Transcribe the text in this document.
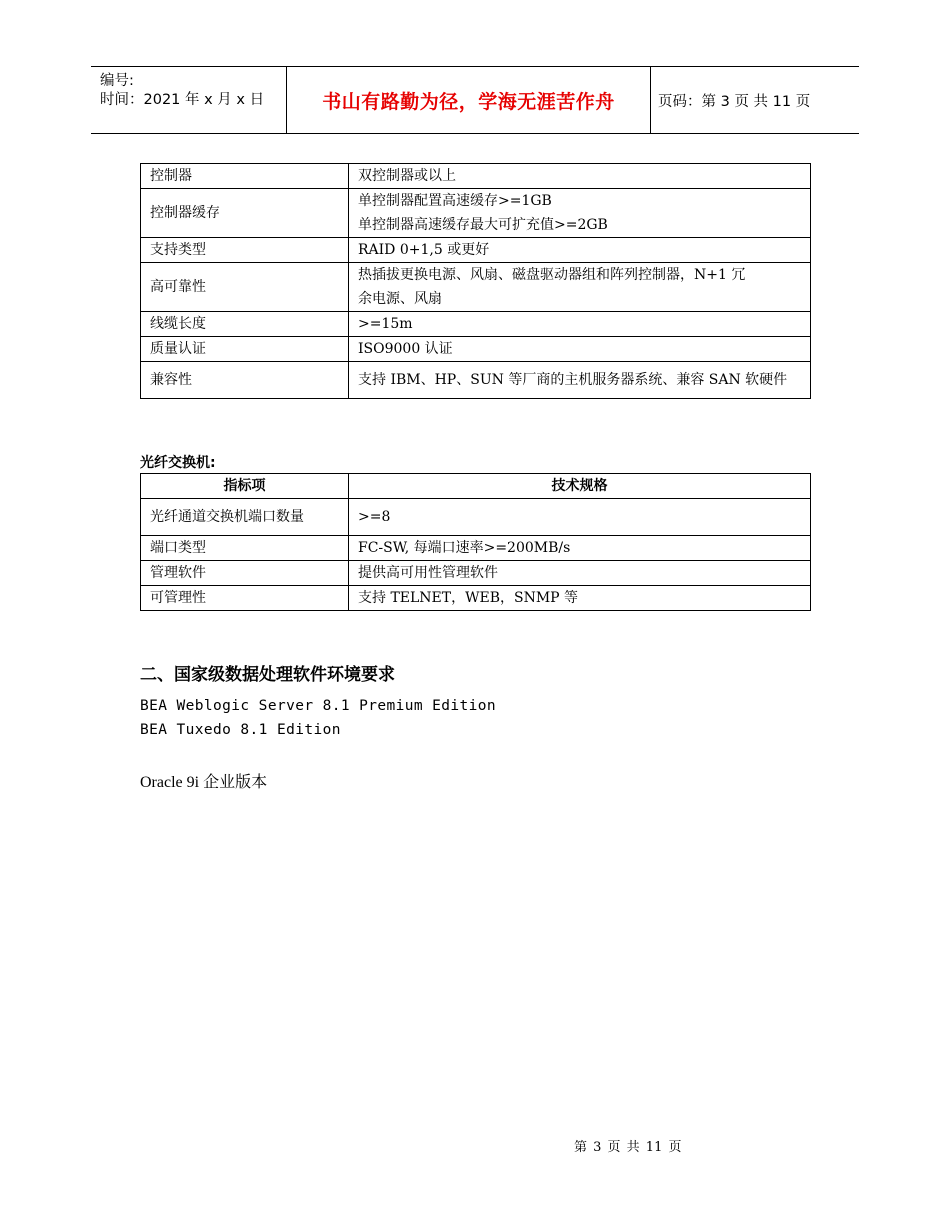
编号:
时间：2021 年 x 月 x 日	书山有路勤为径，学海无涯苦作舟	页码：第 3 页 共 11 页
控制器	双控制器或以上
控制器缓存	单控制器配置高速缓存>=1GB
单控制器高速缓存最大可扩充值>=2GB

支持类型	RAID 0+1,5 或更好
高可靠性	热插拔更换电源、风扇、磁盘驱动器组和阵列控制器，N+1 冗
余电源、风扇

线缆长度	>=15m
质量认证	ISO9000 认证
兼容性	支持 IBM、HP、SUN 等厂商的主机服务器系统、兼容 SAN 软硬件
光纤交换机:
指标项	技术规格
光纤通道交换机端口数量	>=8
端口类型	FC-SW, 每端口速率>=200MB/s
管理软件	提供高可用性管理软件
可管理性	支持 TELNET，WEB，SNMP 等
二、国家级数据处理软件环境要求
BEA Weblogic Server 8.1 Premium Edition
BEA Tuxedo 8.1 Edition
Oracle 9i 企业版本
第 3 页 共 11 页
